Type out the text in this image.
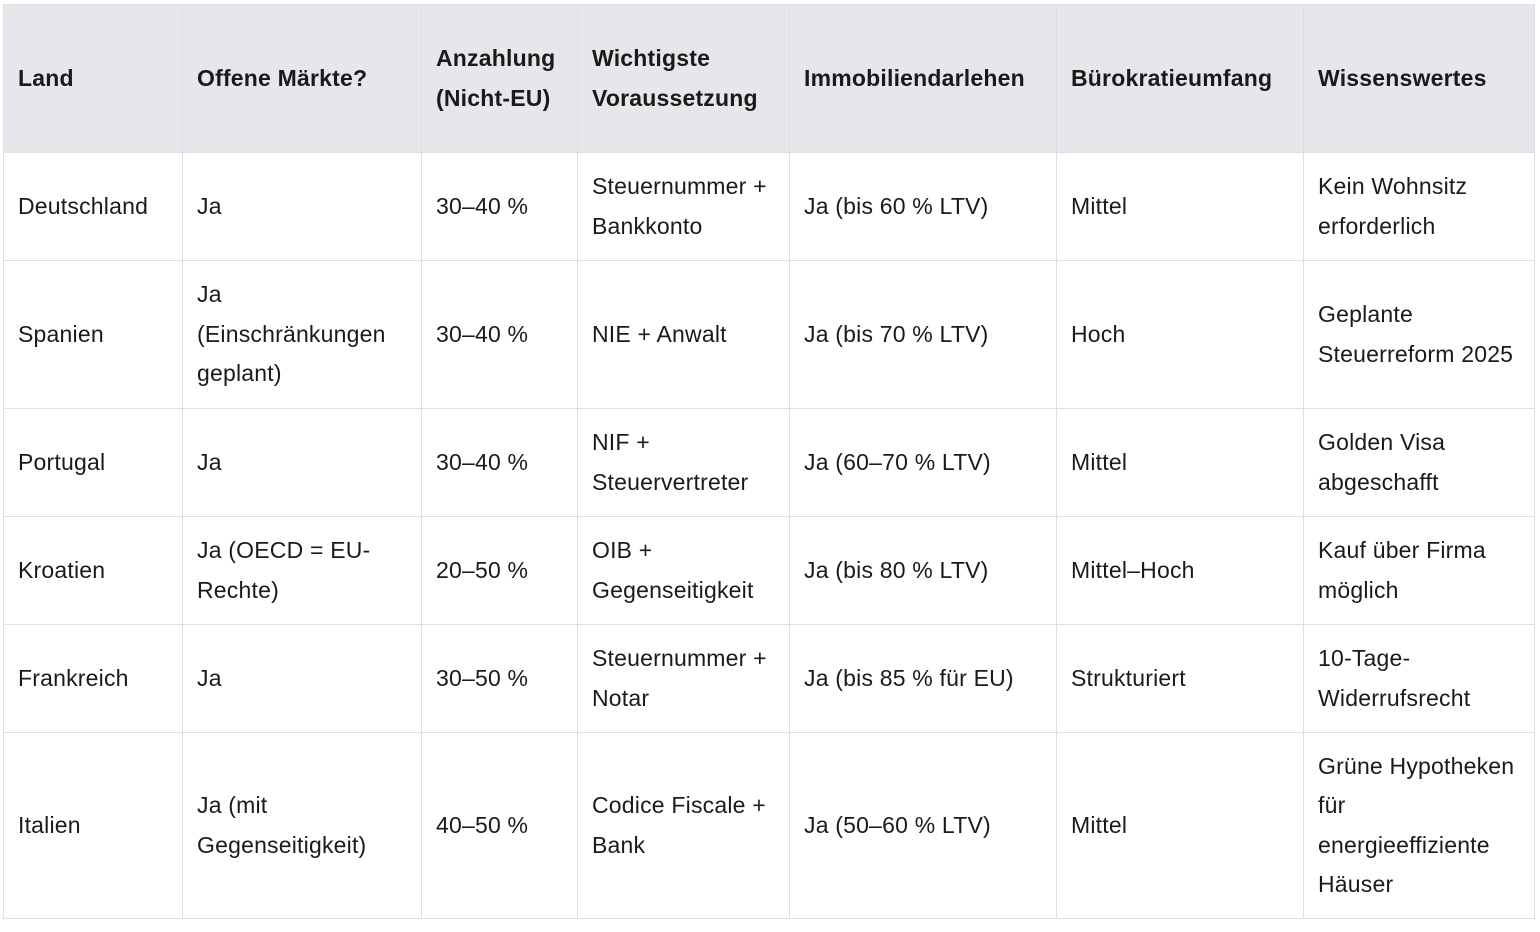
Land	Offene Märkte?	Anzahlung (Nicht-EU)	Wichtigste Voraussetzung	Immobiliendarlehen	Bürokratieumfang	Wissenswertes
Deutschland	Ja	30–40 %	Steuernummer + Bankkonto	Ja (bis 60 % LTV)	Mittel	Kein Wohnsitz erforderlich
Spanien	Ja (Einschränkungen geplant)	30–40 %	NIE + Anwalt	Ja (bis 70 % LTV)	Hoch	Geplante Steuerreform 2025
Portugal	Ja	30–40 %	NIF + Steuervertreter	Ja (60–70 % LTV)	Mittel	Golden Visa abgeschafft
Kroatien	Ja (OECD = EU-Rechte)	20–50 %	OIB + Gegenseitigkeit	Ja (bis 80 % LTV)	Mittel–Hoch	Kauf über Firma möglich
Frankreich	Ja	30–50 %	Steuernummer + Notar	Ja (bis 85 % für EU)	Strukturiert	10-Tage-Widerrufsrecht
Italien	Ja (mit Gegenseitigkeit)	40–50 %	Codice Fiscale + Bank	Ja (50–60 % LTV)	Mittel	Grüne Hypotheken für energieeffiziente Häuser
